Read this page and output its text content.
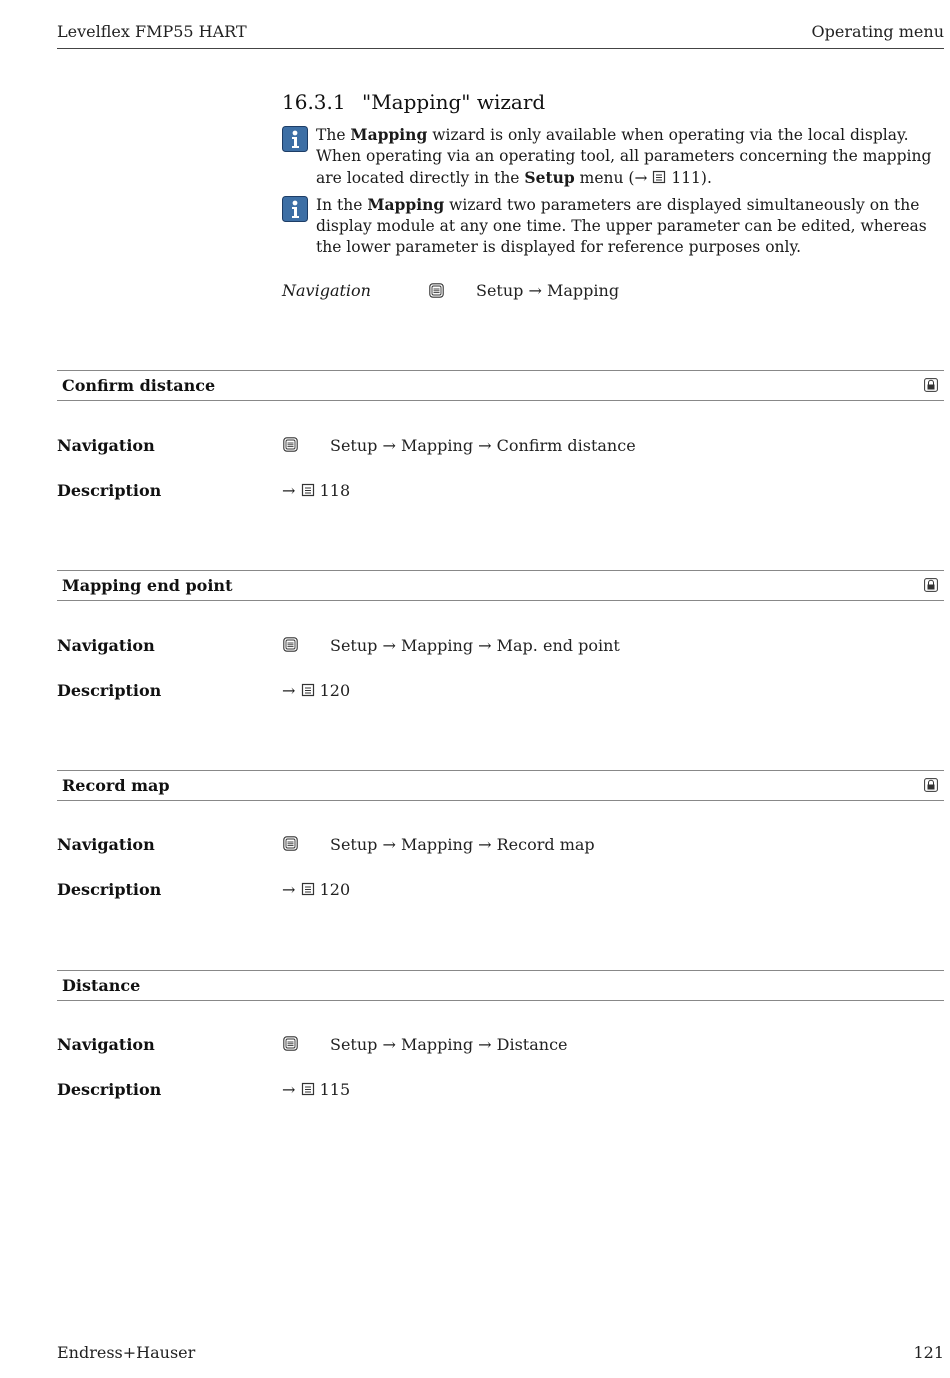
Levelflex FMP55 HART	Operating menu
16.3.1 "Mapping" wizard
The Mapping wizard is only available when operating via the local display. When operating via an operating tool, all parameters concerning the mapping are located directly in the Setup menu (→  111).
In the Mapping wizard two parameters are displayed simultaneously on the display module at any one time. The upper parameter can be edited, whereas the lower parameter is displayed for reference purposes only.
Navigation	Setup → Mapping
Confirm distance
Navigation	Setup → Mapping → Confirm distance
Description	→ 118
Mapping end point
Navigation	Setup → Mapping → Map. end point
Description	→ 120
Record map
Navigation	Setup → Mapping → Record map
Description	→ 120
Distance
Navigation	Setup → Mapping → Distance
Description	→ 115
Endress+Hauser	121
